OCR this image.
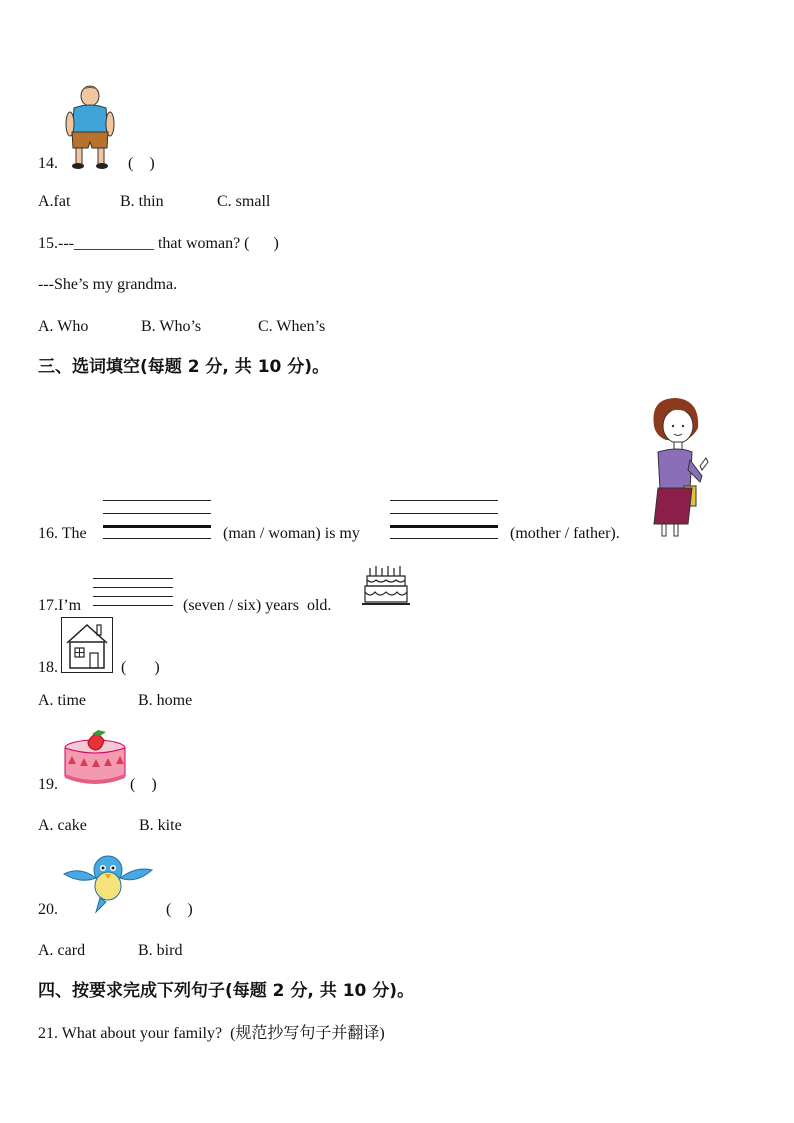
14.	(    )
A.fat	B. thin	C. small
15.---__________ that woman? (      )
---She’s my grandma.
A. Who	B. Who’s	C. When’s
三、选词填空(每题 2 分, 共 10 分)。
16. The	(man / woman) is my	(mother / father).
17.I’m	(seven / six) years  old.
18.	(       )
A. time	B. home
19.	(    )
A. cake	B. kite
20.	(    )
A. card	B. bird
四、按要求完成下列句子(每题 2 分, 共 10 分)。
21. What about your family?  (规范抄写句子并翻译)
